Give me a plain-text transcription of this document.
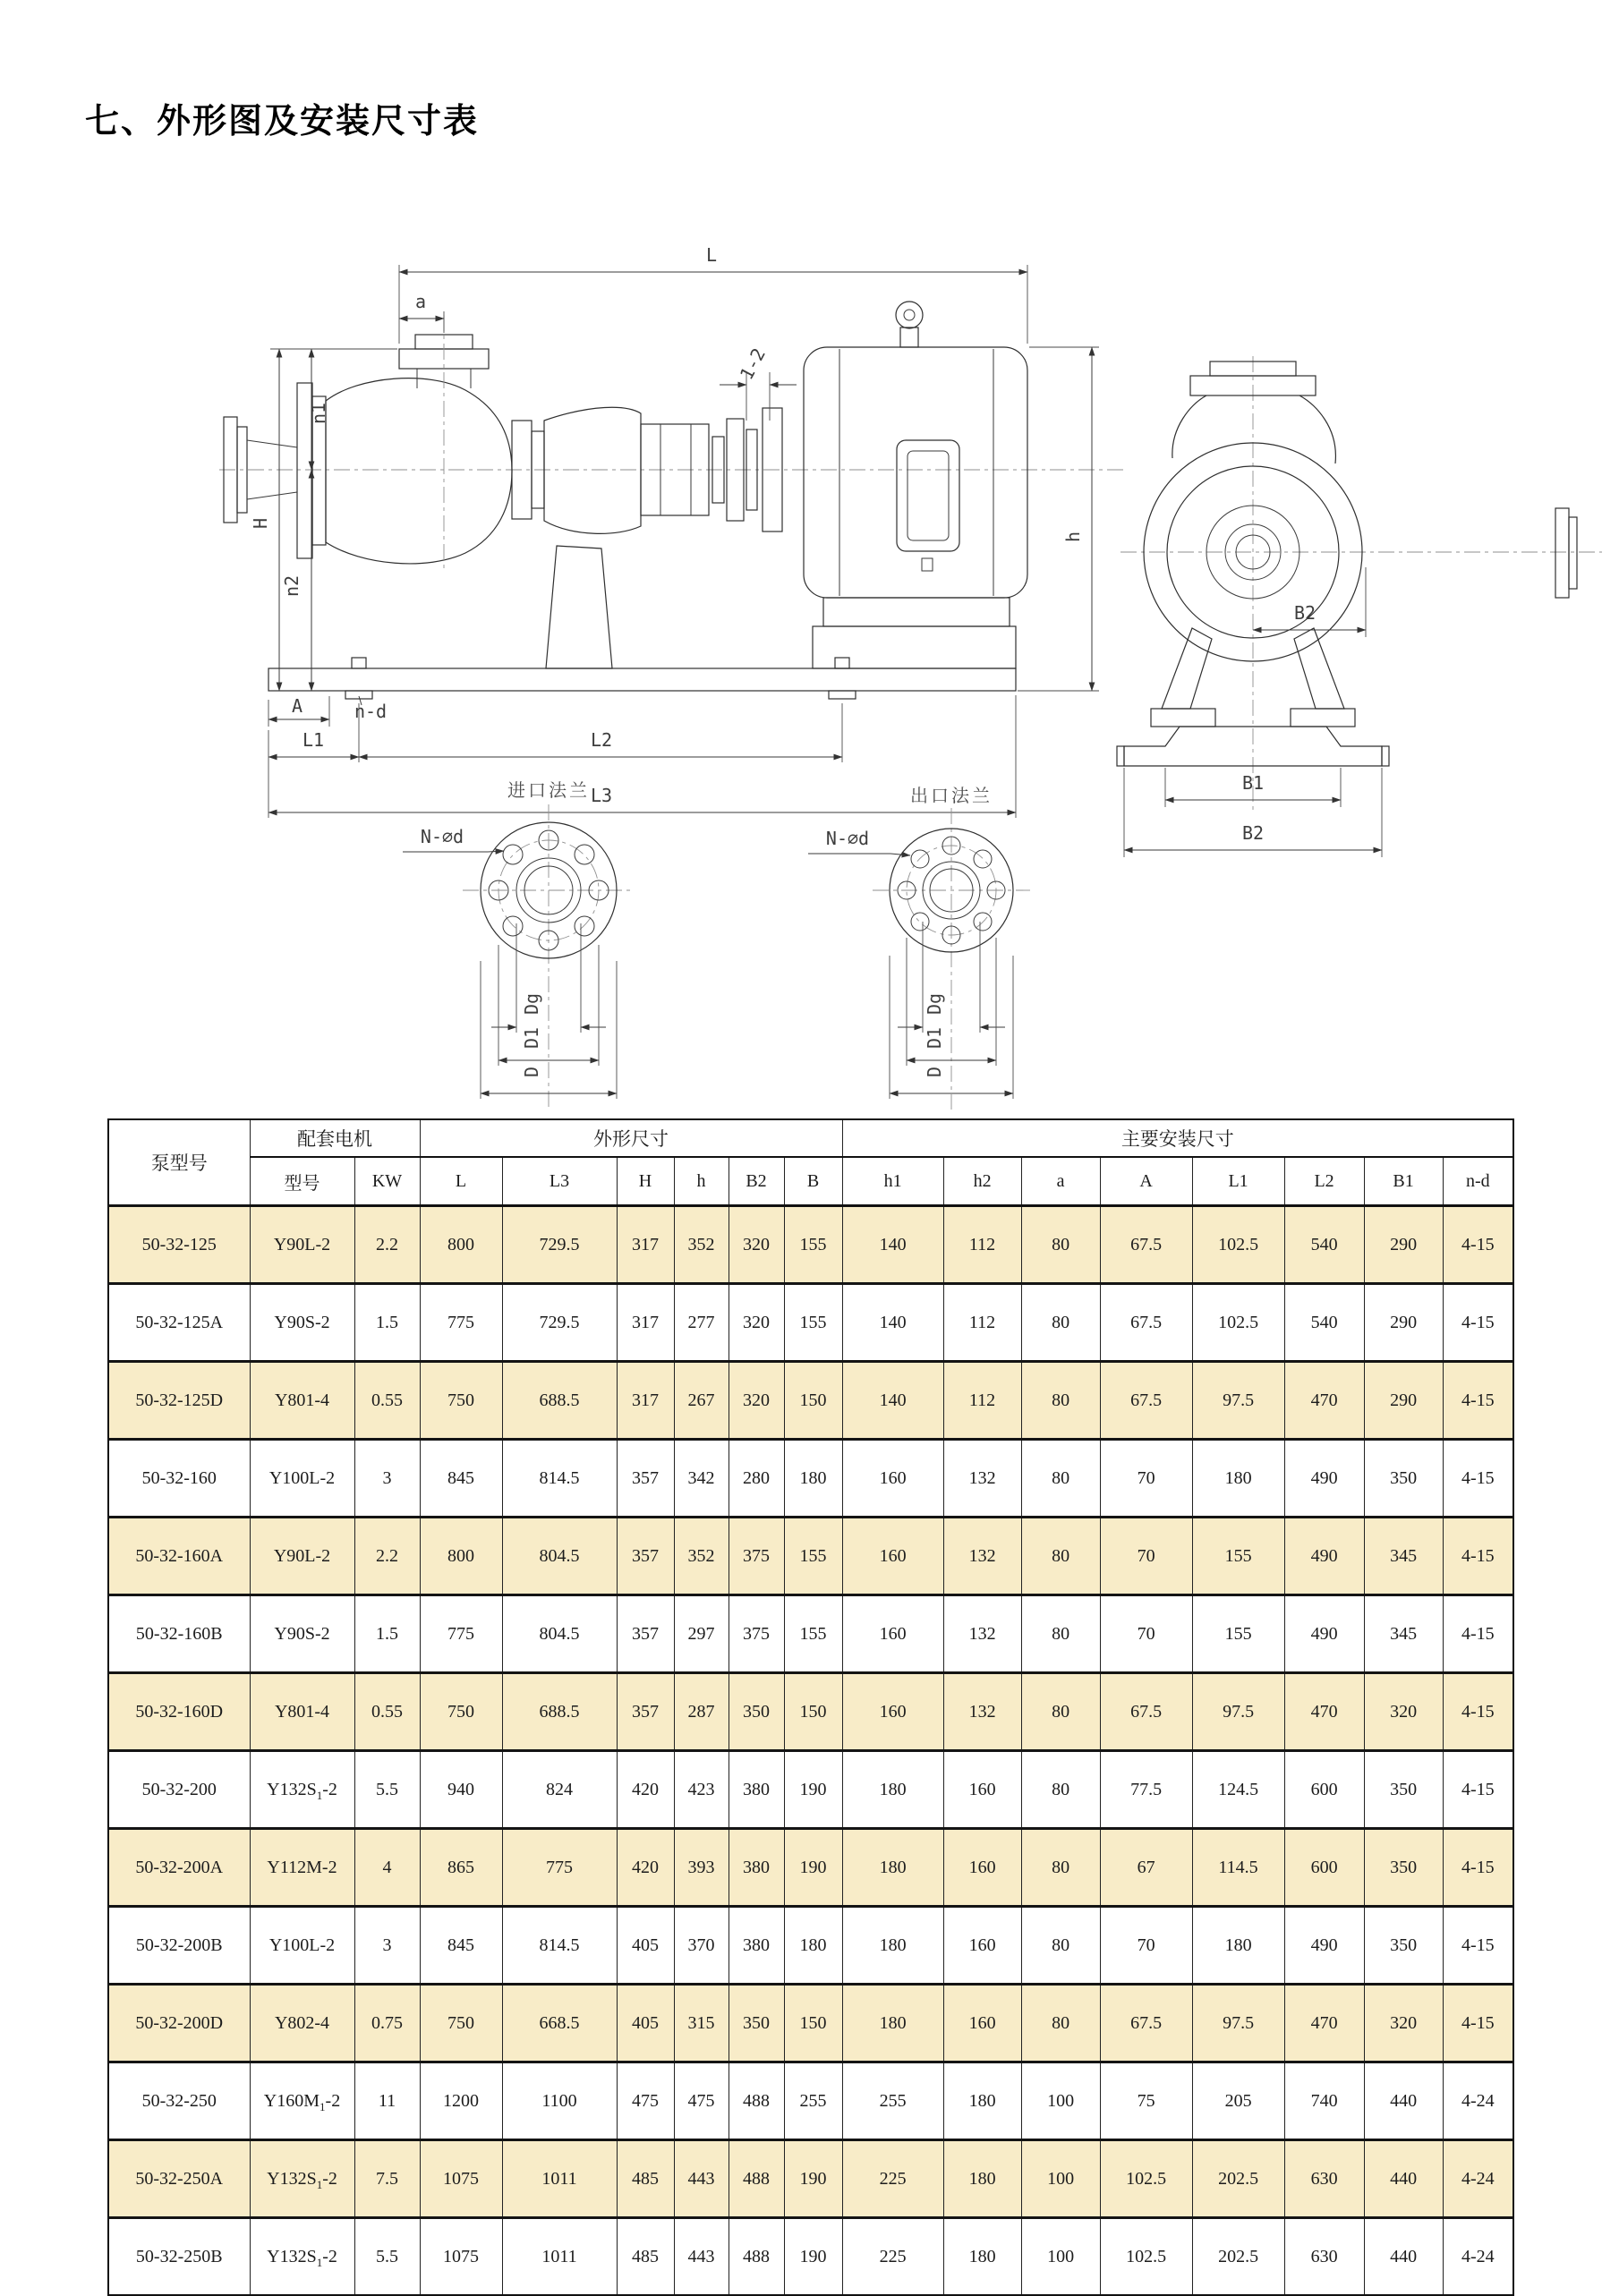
七、外形图及安装尺寸表
L
a
H
n1
n2
1-2
h
A	n-d
L1	L2
L3
B2
B1
B2
进口法兰
N-∅d
Dg
D1
D
出口法兰
N-∅d
Dg
D1
D
泵型号	配套电机		外形尺寸						主要安装尺寸							
	型号	KW	L	L3	H	h	B2	B	h1	h2	a	A	L1	L2	B1	n-d
50-32-125	Y90L-2	2.2	800	729.5	317	352	320	155	140	112	80	67.5	102.5	540	290	4-15
50-32-125A	Y90S-2	1.5	775	729.5	317	277	320	155	140	112	80	67.5	102.5	540	290	4-15
50-32-125D	Y801-4	0.55	750	688.5	317	267	320	150	140	112	80	67.5	97.5	470	290	4-15
50-32-160	Y100L-2	3	845	814.5	357	342	280	180	160	132	80	70	180	490	350	4-15
50-32-160A	Y90L-2	2.2	800	804.5	357	352	375	155	160	132	80	70	155	490	345	4-15
50-32-160B	Y90S-2	1.5	775	804.5	357	297	375	155	160	132	80	70	155	490	345	4-15
50-32-160D	Y801-4	0.55	750	688.5	357	287	350	150	160	132	80	67.5	97.5	470	320	4-15
50-32-200	$Y132S_1-2$	5.5	940	824	420	423	380	190	180	160	80	77.5	124.5	600	350	4-15
50-32-200A	Y112M-2	4	865	775	420	393	380	190	180	160	80	67	114.5	600	350	4-15
50-32-200B	Y100L-2	3	845	814.5	405	370	380	180	180	160	80	70	180	490	350	4-15
50-32-200D	Y802-4	0.75	750	668.5	405	315	350	150	180	160	80	67.5	97.5	470	320	4-15
50-32-250	$Y160M_1-2$	11	1200	1100	475	475	488	255	255	180	100	75	205	740	440	4-24
50-32-250A	$Y132S_1-2$	7.5	1075	1011	485	443	488	190	225	180	100	102.5	202.5	630	440	4-24
50-32-250B	$Y132S_1-2$	5.5	1075	1011	485	443	488	190	225	180	100	102.5	202.5	630	440	4-24
